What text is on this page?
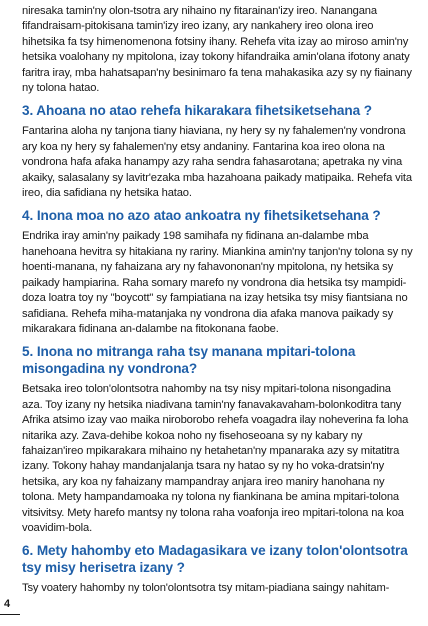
niresaka tamin'ny olon-tsotra ary nihaino ny fitarainan'izy ireo. Nanangana fifandraisam-pitokisana tamin'izy ireo izany, ary nankahery ireo olona ireo hihetsika fa tsy himenomenona fotsiny ihany. Rehefa vita izay ao miroso amin'ny hetsika voalohany ny mpitolona, izay tokony hifandraika amin'olana ifotony anaty faritra iray, mba hahatsapan'ny besinimaro fa tena mahakasika azy sy ny fiainany ny tolona hatao.

3. Ahoana no atao rehefa hikarakara fihetsiketsehana ?

Fantarina aloha ny tanjona tiany hiaviana, ny hery sy ny fahalemen'ny vondrona ary koa ny hery sy fahalemen'ny etsy andaniny. Fantarina koa ireo olona na vondrona hafa afaka hanampy azy raha sendra fahasarotana; apetraka ny vina akaiky, salasalany sy lavitr'ezaka mba hazahoana paikady matipaika. Rehefa vita ireo, dia safidiana ny hetsika hatao.

4. Inona moa no azo atao ankoatra ny fihetsiketsehana ?

Endrika iray amin'ny paikady 198 samihafa ny fidinana an-dalambe mba hanehoana hevitra sy hitakiana ny rariny. Miankina amin'ny tanjon'ny tolona sy ny hoenti-manana, ny fahaizana ary ny fahavononan'ny mpitolona, ny hetsika sy paikady hampiarina. Raha somary marefo ny vondrona dia hetsika tsy mampidi-doza loatra toy ny "boycott" sy fampiatiana na izay hetsika tsy misy fiantsiana no safidiana. Rehefa miha-matanjaka ny vondrona dia afaka manova paikady sy mikarakara fidinana an-dalambe na fitokonana faobe.

5. Inona no mitranga raha tsy manana mpitari-tolona misongadina ny vondrona?

Betsaka ireo tolon'olontsotra nahomby na tsy nisy mpitari-tolona nisongadina aza. Toy izany ny hetsika niadivana tamin'ny fanavakavaham-bolonkoditra tany Afrika atsimo izay vao maika niroborobo rehefa voagadra ilay noheverina fa loha nitarika azy. Zava-dehibe kokoa noho ny fisehoseoana sy ny kabary ny fahaizan'ireo mpikarakara mihaino ny hetahetan'ny mpanaraka azy sy mitatitra izany. Tokony hahay mandanjalanja tsara ny hatao sy ny ho voka-dratsin'ny hetsika, ary koa ny fahaizany mampandray anjara ireo maniry hanohana ny tolona. Mety hampandamoaka ny tolona ny fiankinana be amina mpitari-tolona vitsivitsy. Mety harefo mantsy ny tolona raha voafonja ireo mpitari-tolona na koa voavidim-bola.

6. Mety hahomby eto Madagasikara ve izany tolon'olontsotra tsy misy herisetra izany ?

Tsy voatery hahomby ny tolon'olontsotra tsy mitam-piadiana saingy nahitam-

4
